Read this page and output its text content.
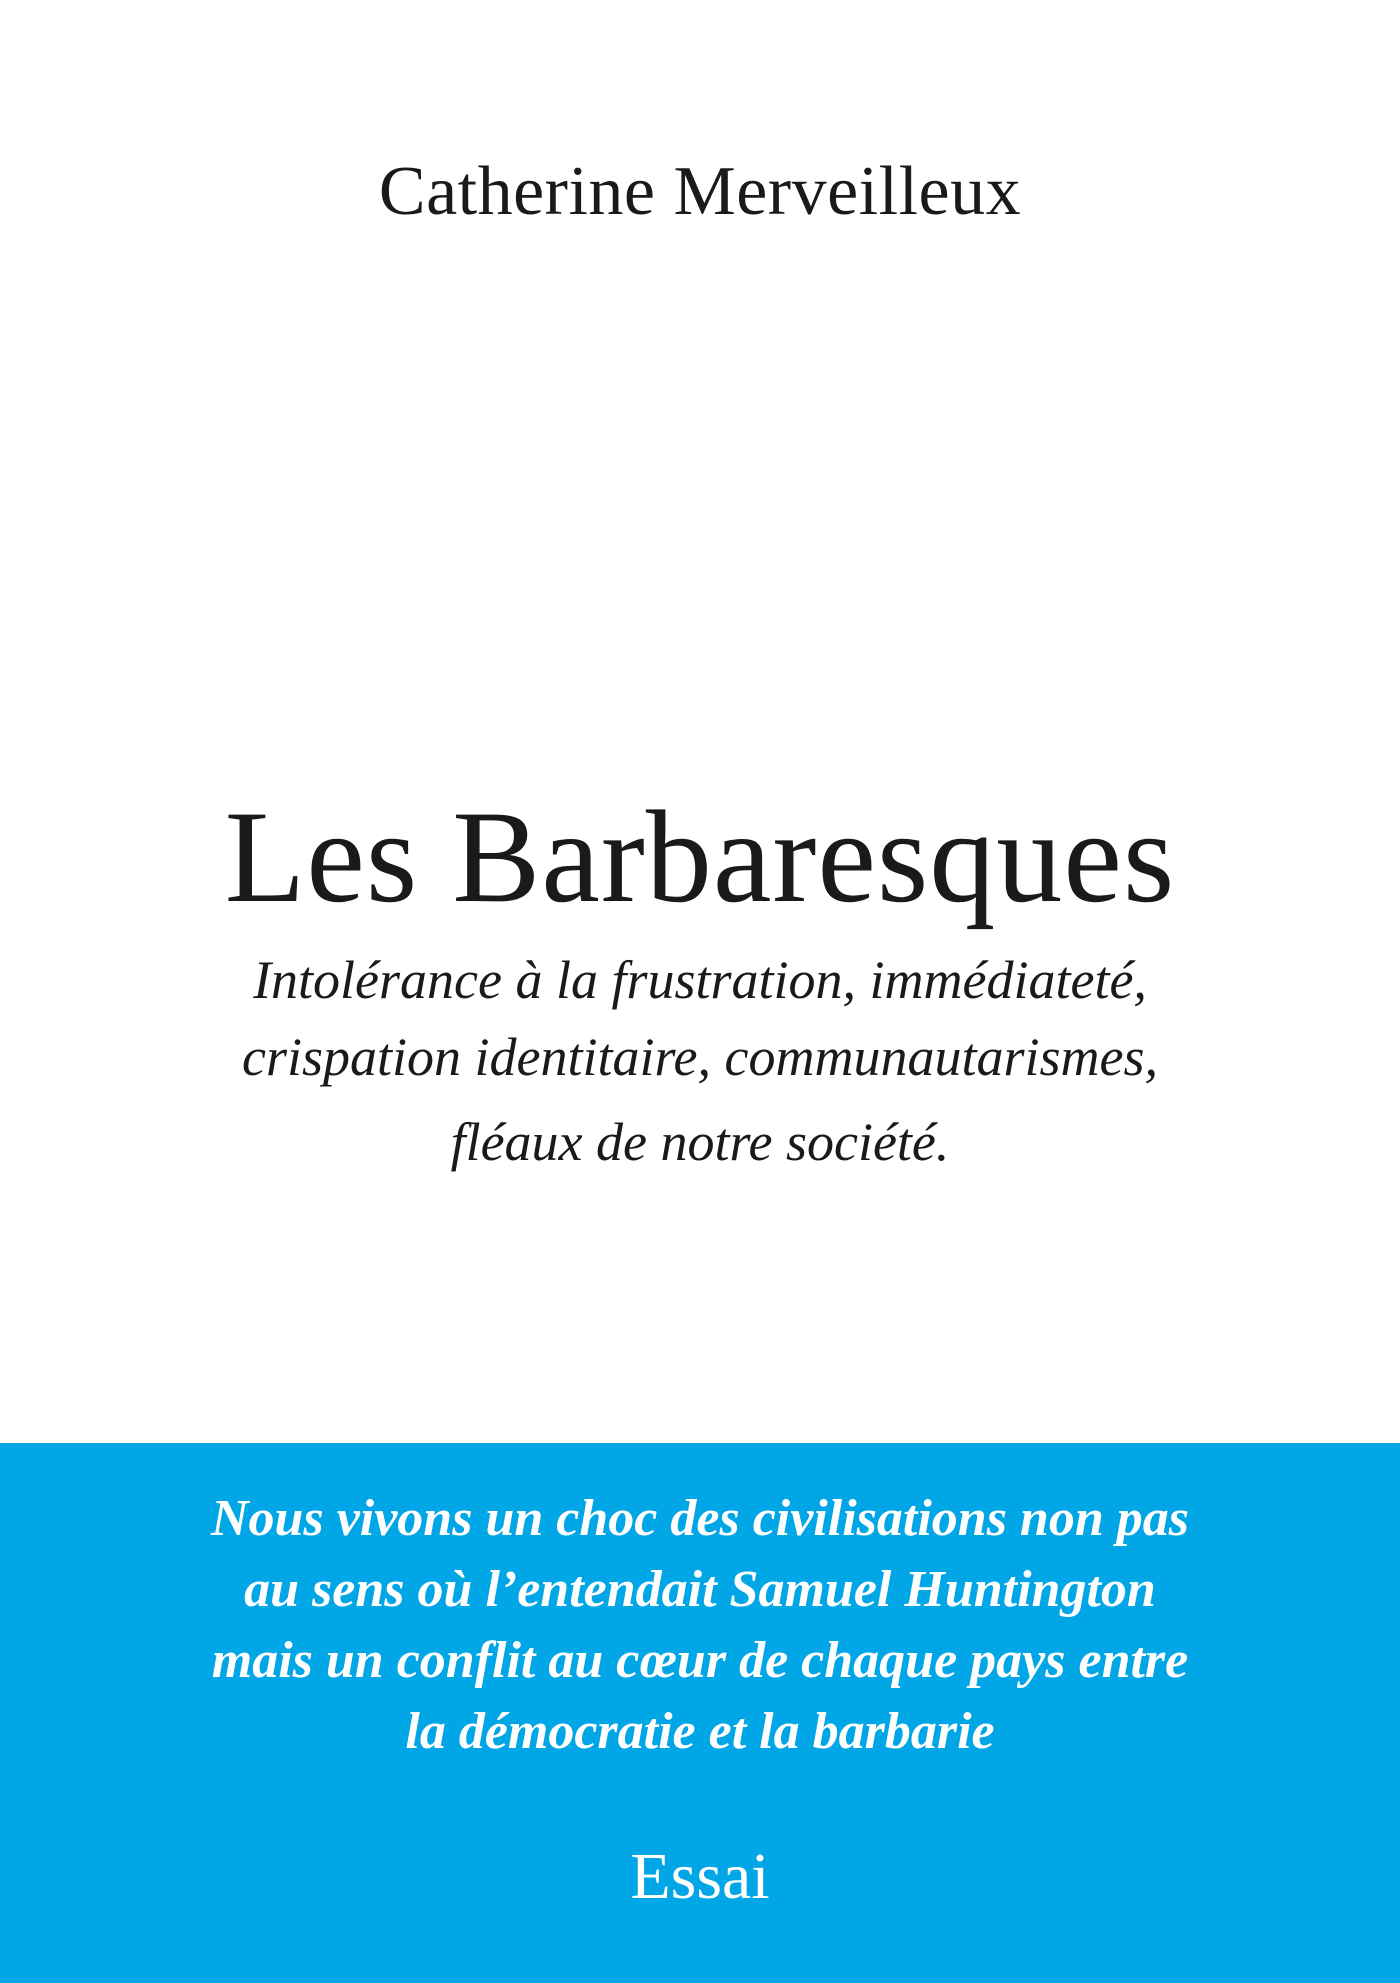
Catherine Merveilleux
Les Barbaresques
Intolérance à la frustration, immédiateté,
crispation identitaire, communautarismes,
fléaux de notre société.
Nous vivons un choc des civilisations non pas
au sens où l’entendait Samuel Huntington
mais un conflit au cœur de chaque pays entre
la démocratie et la barbarie
Essai
